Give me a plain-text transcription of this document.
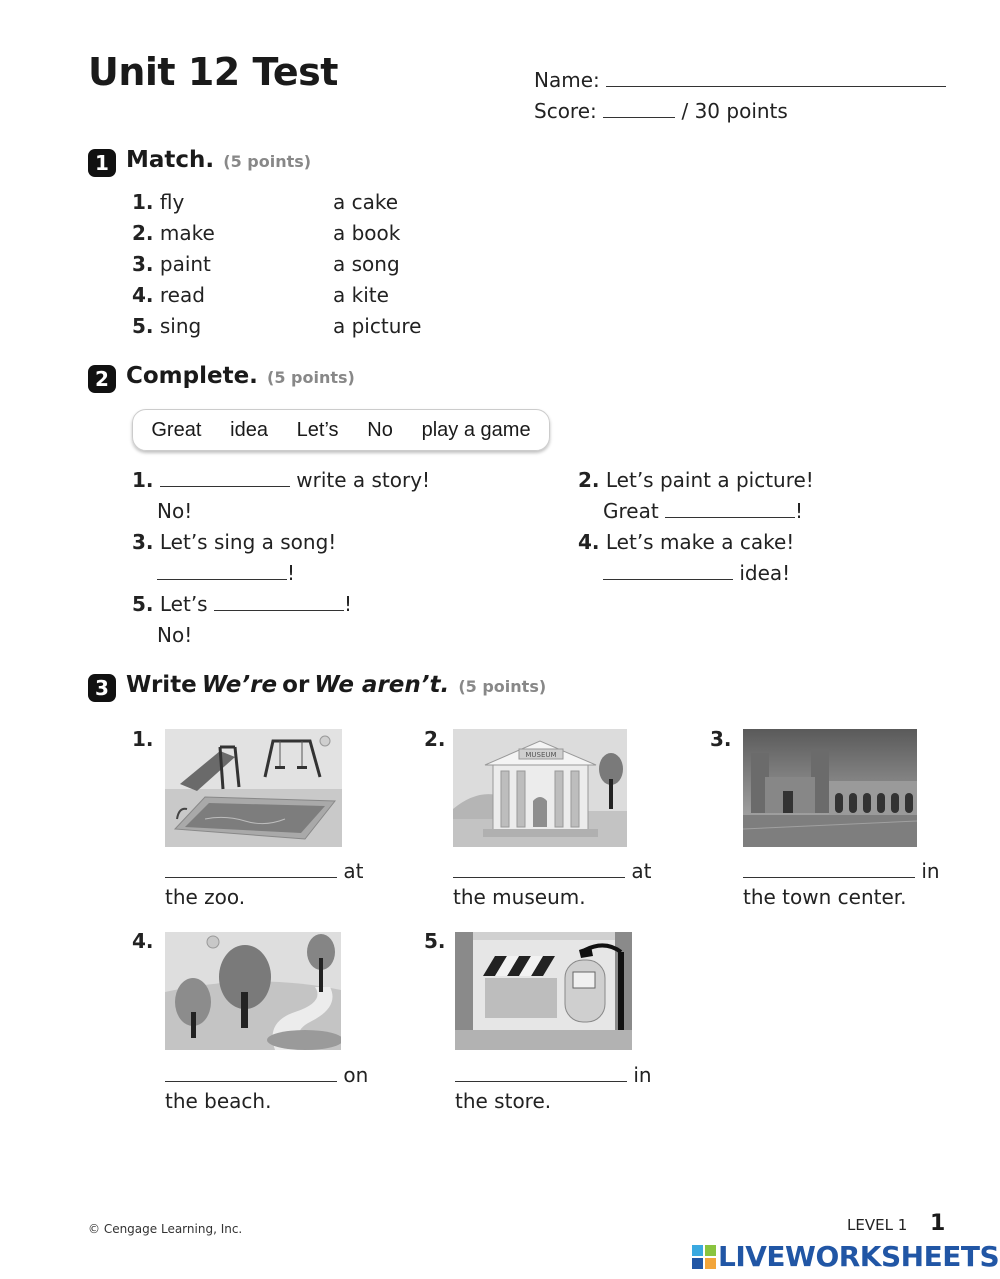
Unit 12 Test	Name:
Score:	/ 30 points
1 Match. (5 points)
1. fly	a cake
2. make	a book
3. paint	a song
4. read	a kite
5. sing	a picture
2 Complete. (5 points)
Great idea Let’s No play a game
1.	write a story!
No!
2. Let’s paint a picture!
Great	!
3. Let’s sing a song!
!
4. Let’s make a cake!
idea!
5. Let’s	!
No!
3 Write We’re or We aren’t. (5 points)
1.
at
the zoo.
2.
MUSEUM
at
the museum.
3.
in
the town center.
4.
on
the beach.
5.
in
the store.
© Cengage Learning, Inc.	LEVEL 1 1
LIVEWORKSHEETS
